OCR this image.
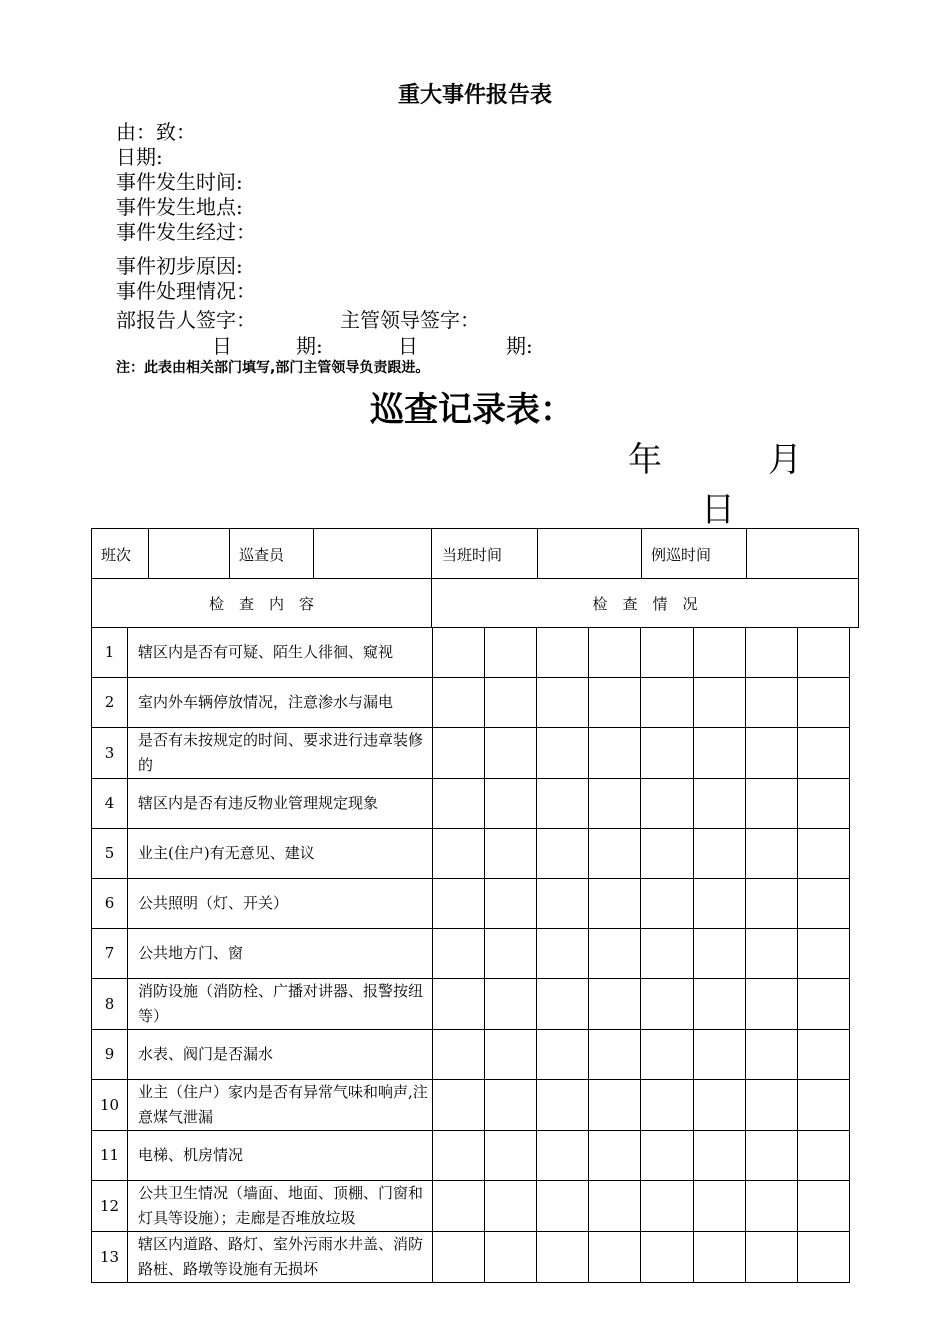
重大事件报告表
由：致：
日期:
事件发生时间:
事件发生地点:
事件发生经过：
事件初步原因:
事件处理情况：
部报告人签字：	主管领导签字：
日	期:	日	期:
注：此表由相关部门填写,部门主管领导负责跟进。
巡查记录表：
年	月
日
班次	巡查员	当班时间	例巡时间
检　查　内　容	检　查　情　况
1	辖区内是否有可疑、陌生人徘徊、窥视								
2	室内外车辆停放情况，注意渗水与漏电								
3	是否有未按规定的时间、要求进行违章装修的								
4	辖区内是否有违反物业管理规定现象								
5	业主(住户)有无意见、建议								
6	公共照明（灯、开关）								
7	公共地方门、窗								
8	消防设施（消防栓、广播对讲器、报警按纽等）								
9	水表、阀门是否漏水								
10	业主（住户）家内是否有异常气味和响声,注意煤气泄漏								
11	电梯、机房情况								
12	公共卫生情况（墙面、地面、顶棚、门窗和灯具等设施）；走廊是否堆放垃圾								
13	辖区内道路、路灯、室外污雨水井盖、消防路桩、路墩等设施有无损坏								
